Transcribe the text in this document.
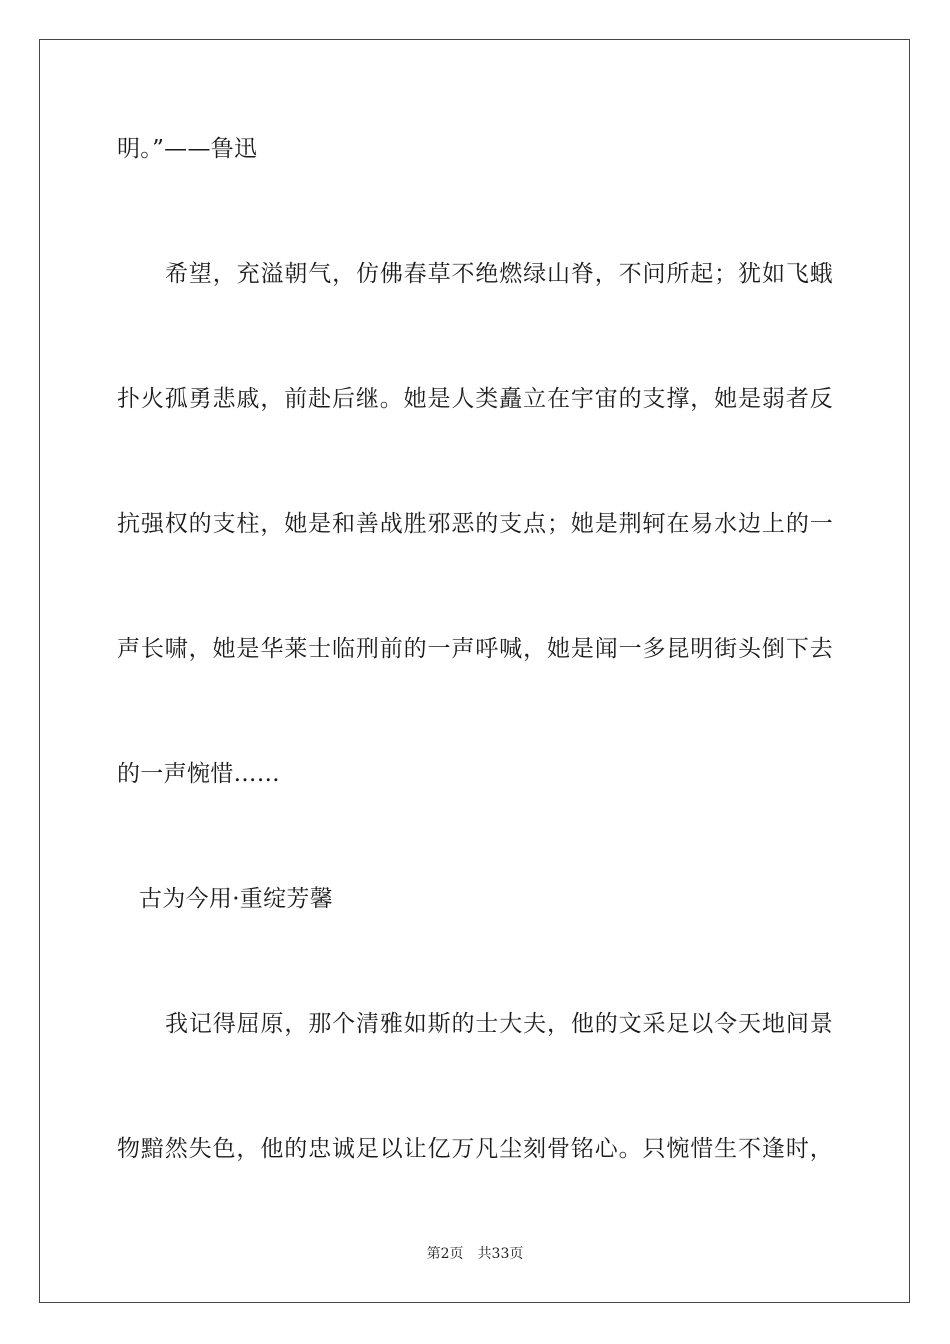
明。”——鲁迅
希望，充溢朝气，仿佛春草不绝燃绿山脊，不问所起；犹如飞蛾
扑火孤勇悲戚，前赴后继。她是人类矗立在宇宙的支撑，她是弱者反
抗强权的支柱，她是和善战胜邪恶的支点；她是荆轲在易水边上的一
声长啸，她是华莱士临刑前的一声呼喊，她是闻一多昆明街头倒下去
的一声惋惜……
古为今用·重绽芳馨
我记得屈原，那个清雅如斯的士大夫，他的文采足以令天地间景
物黯然失色，他的忠诚足以让亿万凡尘刻骨铭心。只惋惜生不逢时，
第2页 共33页
